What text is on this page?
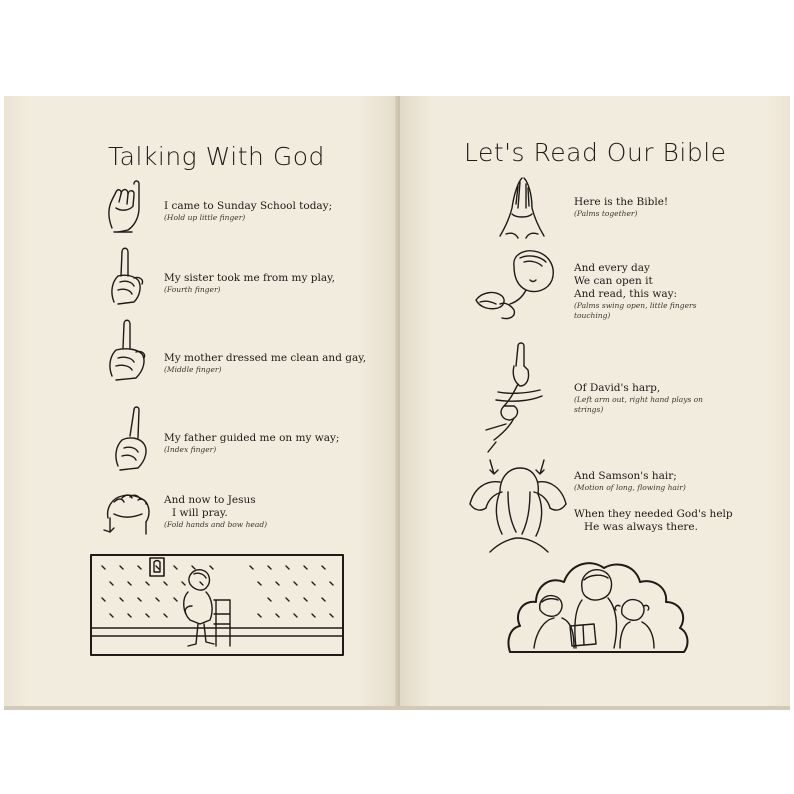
Talking With God
I came to Sunday School today;
(Hold up little finger)
My sister took me from my play,
(Fourth finger)
My mother dressed me clean and gay,
(Middle finger)
My father guided me on my way;
(Index finger)
And now to Jesus
I will pray.
(Fold hands and bow head)
Let's Read Our Bible
Here is the Bible!
(Palms together)
And every day
We can open it
And read, this way:
(Palms swing open, little fingers
touching)
Of David's harp,
(Left arm out, right hand plays on
strings)
And Samson's hair;
(Motion of long, flowing hair)
When they needed God's help
He was always there.
